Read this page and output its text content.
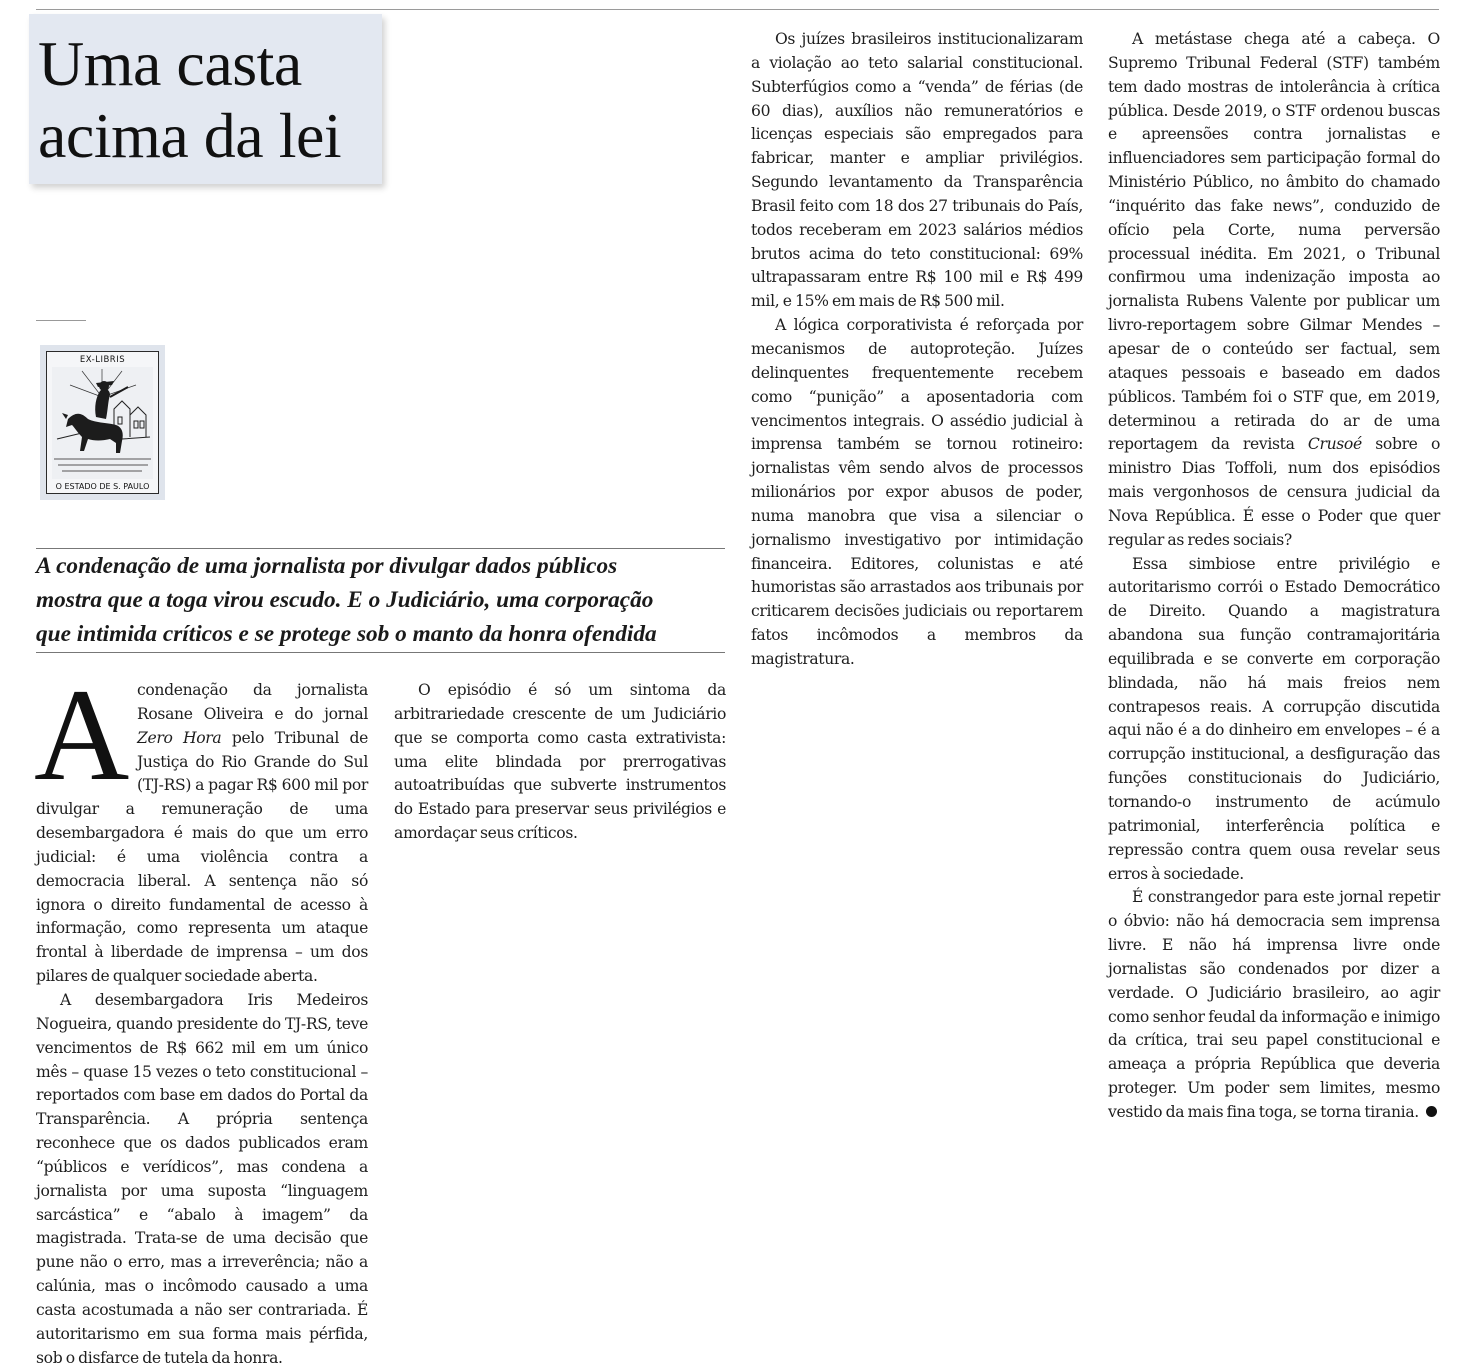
Uma casta
acima da lei
EX-LIBRIS
O ESTADO DE S. PAULO
A condenação de uma jornalista por divulgar dados públicos
mostra que a toga virou escudo. E o Judiciário, uma corporação
que intimida críticos e se protege sob o manto da honra ofendida

A condenação da jornalista Rosane Oliveira e do jornal Zero Hora pelo Tribunal de Justiça do Rio Grande do Sul (TJ-RS) a pagar R$ 600 mil por divulgar a remuneração de uma desembargadora é mais do que um erro judicial: é uma violência contra a democracia liberal. A sentença não só ignora o direito fundamental de acesso à informação, como representa um ataque frontal à liberdade de imprensa – um dos pilares de qualquer sociedade aberta.

A desembargadora Iris Medeiros Nogueira, quando presidente do TJ-RS, teve vencimentos de R$ 662 mil em um único mês – quase 15 vezes o teto constitucional – reportados com base em dados do Portal da Transparência. A própria sentença reconhece que os dados publicados eram “públicos e verídicos”, mas condena a jornalista por uma suposta “linguagem sarcástica” e “abalo à imagem” da magistrada. Trata-se de uma decisão que pune não o erro, mas a irreverência; não a calúnia, mas o incômodo causado a uma casta acostumada a não ser contrariada. É autoritarismo em sua forma mais pérfida, sob o disfarce de tutela da honra.

O episódio é só um sintoma da arbitrariedade crescente de um Judiciário que se comporta como casta extrativista: uma elite blindada por prerrogativas autoatribuídas que subverte instrumentos do Estado para preservar seus privilégios e amordaçar seus críticos.

Os juízes brasileiros institucionalizaram a violação ao teto salarial constitucional. Subterfúgios como a “venda” de férias (de 60 dias), auxílios não remuneratórios e licenças especiais são empregados para fabricar, manter e ampliar privilégios. Segundo levantamento da Transparência Brasil feito com 18 dos 27 tribunais do País, todos receberam em 2023 salários médios brutos acima do teto constitucional: 69% ultrapassaram entre R$ 100 mil e R$ 499 mil, e 15% em mais de R$ 500 mil.

A lógica corporativista é reforçada por mecanismos de autoproteção. Juízes delinquentes frequentemente recebem como “punição” a aposentadoria com vencimentos integrais. O assédio judicial à imprensa também se tornou rotineiro: jornalistas vêm sendo alvos de processos milionários por expor abusos de poder, numa manobra que visa a silenciar o jornalismo investigativo por intimidação financeira. Editores, colunistas e até humoristas são arrastados aos tribunais por criticarem decisões judiciais ou reportarem fatos incômodos a membros da magistratura.

A metástase chega até a cabeça. O Supremo Tribunal Federal (STF) também tem dado mostras de intolerância à crítica pública. Desde 2019, o STF ordenou buscas e apreensões contra jornalistas e influenciadores sem participação formal do Ministério Público, no âmbito do chamado “inquérito das fake news”, conduzido de ofício pela Corte, numa perversão processual inédita. Em 2021, o Tribunal confirmou uma indenização imposta ao jornalista Rubens Valente por publicar um livro-reportagem sobre Gilmar Mendes – apesar de o conteúdo ser factual, sem ataques pessoais e baseado em dados públicos. Também foi o STF que, em 2019, determinou a retirada do ar de uma reportagem da revista Crusoé sobre o ministro Dias Toffoli, num dos episódios mais vergonhosos de censura judicial da Nova República. É esse o Poder que quer regular as redes sociais?

Essa simbiose entre privilégio e autoritarismo corrói o Estado Democrático de Direito. Quando a magistratura abandona sua função contramajoritária equilibrada e se converte em corporação blindada, não há mais freios nem contrapesos reais. A corrupção discutida aqui não é a do dinheiro em envelopes – é a corrupção institucional, a desfiguração das funções constitucionais do Judiciário, tornando-o instrumento de acúmulo patrimonial, interferência política e repressão contra quem ousa revelar seus erros à sociedade.

É constrangedor para este jornal repetir o óbvio: não há democracia sem imprensa livre. E não há imprensa livre onde jornalistas são condenados por dizer a verdade. O Judiciário brasileiro, ao agir como senhor feudal da informação e inimigo da crítica, trai seu papel constitucional e ameaça a própria República que deveria proteger. Um poder sem limites, mesmo vestido da mais fina toga, se torna tirania.
